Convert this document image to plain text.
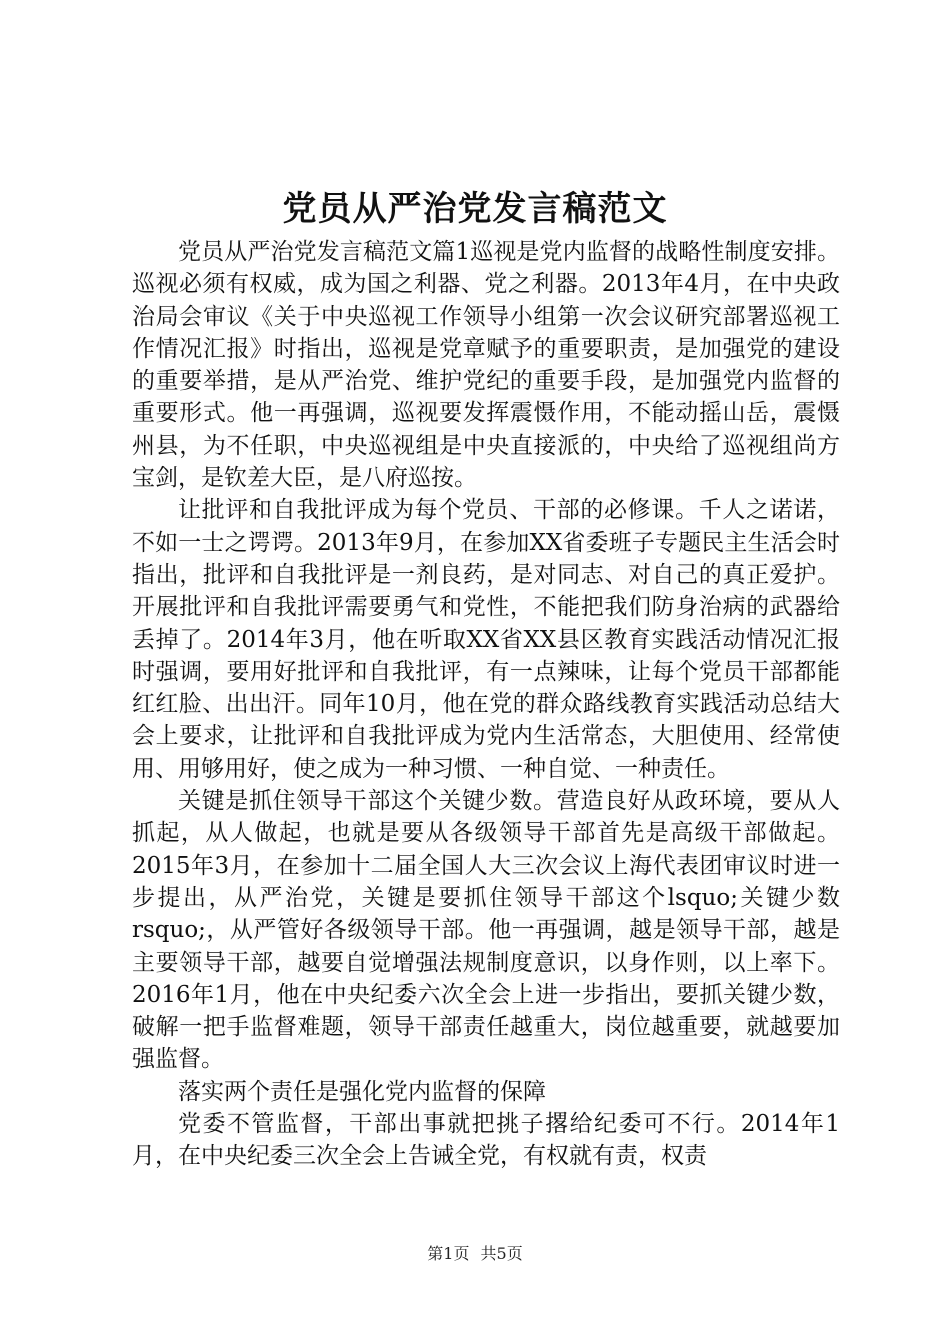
党员从严治党发言稿范文

党员从严治党发言稿范文篇1巡视是党内监督的战略性制度安排。巡视必须有权威，成为国之利器、党之利器。2013年4月，在中央政治局会审议《关于中央巡视工作领导小组第一次会议研究部署巡视工作情况汇报》时指出，巡视是党章赋予的重要职责，是加强党的建设的重要举措，是从严治党、维护党纪的重要手段，是加强党内监督的重要形式。他一再强调，巡视要发挥震慑作用，不能动摇山岳，震慑州县，为不任职，中央巡视组是中央直接派的，中央给了巡视组尚方宝剑，是钦差大臣，是八府巡按。

让批评和自我批评成为每个党员、干部的必修课。千人之诺诺，不如一士之谔谔。2013年9月，在参加XX省委班子专题民主生活会时指出，批评和自我批评是一剂良药，是对同志、对自己的真正爱护。开展批评和自我批评需要勇气和党性，不能把我们防身治病的武器给丢掉了。2014年3月，他在听取XX省XX县区教育实践活动情况汇报时强调，要用好批评和自我批评，有一点辣味，让每个党员干部都能红红脸、出出汗。同年10月，他在党的群众路线教育实践活动总结大会上要求，让批评和自我批评成为党内生活常态，大胆使用、经常使用、用够用好，使之成为一种习惯、一种自觉、一种责任。

关键是抓住领导干部这个关键少数。营造良好从政环境，要从人抓起，从人做起，也就是要从各级领导干部首先是高级干部做起。2015年3月，在参加十二届全国人大三次会议上海代表团审议时进一步提出，从严治党，关键是要抓住领导干部这个lsquo;关键少数rsquo;，从严管好各级领导干部。他一再强调，越是领导干部，越是主要领导干部，越要自觉增强法规制度意识，以身作则，以上率下。2016年1月，他在中央纪委六次全会上进一步指出，要抓关键少数，破解一把手监督难题，领导干部责任越重大，岗位越重要，就越要加强监督。

落实两个责任是强化党内监督的保障

党委不管监督，干部出事就把挑子撂给纪委可不行。2014年1月，在中央纪委三次全会上告诫全党，有权就有责，权责

第1页 共5页
